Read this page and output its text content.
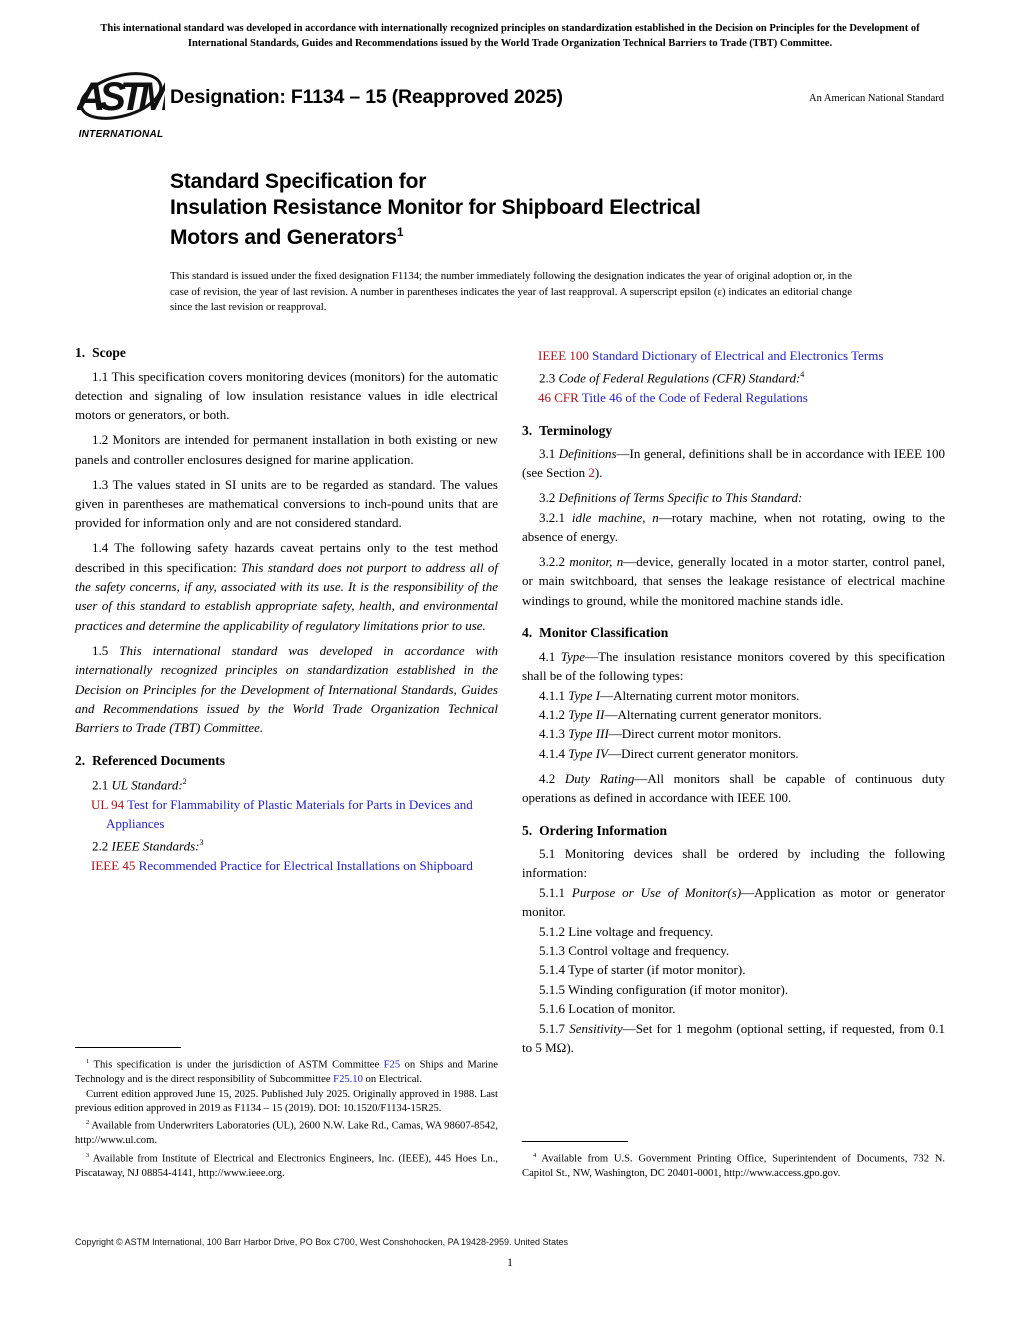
This international standard was developed in accordance with internationally recognized principles on standardization established in the Decision on Principles for the Development of International Standards, Guides and Recommendations issued by the World Trade Organization Technical Barriers to Trade (TBT) Committee.
ASTM
INTERNATIONAL
Designation: F1134 – 15 (Reapproved 2025)	An American National Standard
Standard Specification for
Insulation Resistance Monitor for Shipboard Electrical
Motors and Generators$^1$
This standard is issued under the fixed designation F1134; the number immediately following the designation indicates the year of original adoption or, in the case of revision, the year of last revision. A number in parentheses indicates the year of last reapproval. A superscript epsilon (ε) indicates an editorial change since the last revision or reapproval.

1. Scope

1.1 This specification covers monitoring devices (monitors) for the automatic detection and signaling of low insulation resistance values in idle electrical motors or generators, or both.

1.2 Monitors are intended for permanent installation in both existing or new panels and controller enclosures designed for marine application.

1.3 The values stated in SI units are to be regarded as standard. The values given in parentheses are mathematical conversions to inch-pound units that are provided for information only and are not considered standard.

1.4 The following safety hazards caveat pertains only to the test method described in this specification: This standard does not purport to address all of the safety concerns, if any, associated with its use. It is the responsibility of the user of this standard to establish appropriate safety, health, and environmental practices and determine the applicability of regulatory limitations prior to use.

1.5 This international standard was developed in accordance with internationally recognized principles on standardization established in the Decision on Principles for the Development of International Standards, Guides and Recommendations issued by the World Trade Organization Technical Barriers to Trade (TBT) Committee.

2. Referenced Documents

2.1 UL Standard:$^2$

UL 94 Test for Flammability of Plastic Materials for Parts in Devices and Appliances

2.2 IEEE Standards:$^3$

IEEE 45 Recommended Practice for Electrical Installations on Shipboard

$^1$ This specification is under the jurisdiction of ASTM Committee F25 on Ships and Marine Technology and is the direct responsibility of Subcommittee F25.10 on Electrical.

Current edition approved June 15, 2025. Published July 2025. Originally approved in 1988. Last previous edition approved in 2019 as F1134 – 15 (2019). DOI: 10.1520/F1134-15R25.

$^2$ Available from Underwriters Laboratories (UL), 2600 N.W. Lake Rd., Camas, WA 98607-8542, http://www.ul.com.

$^3$ Available from Institute of Electrical and Electronics Engineers, Inc. (IEEE), 445 Hoes Ln., Piscataway, NJ 08854-4141, http://www.ieee.org.

IEEE 100 Standard Dictionary of Electrical and Electronics Terms

2.3 Code of Federal Regulations (CFR) Standard:$^4$

46 CFR Title 46 of the Code of Federal Regulations

3. Terminology

3.1 Definitions—In general, definitions shall be in accordance with IEEE 100 (see Section 2).

3.2 Definitions of Terms Specific to This Standard:

3.2.1 idle machine, n—rotary machine, when not rotating, owing to the absence of energy.

3.2.2 monitor, n—device, generally located in a motor starter, control panel, or main switchboard, that senses the leakage resistance of electrical machine windings to ground, while the monitored machine stands idle.

4. Monitor Classification

4.1 Type—The insulation resistance monitors covered by this specification shall be of the following types:

4.1.1 Type I—Alternating current motor monitors.

4.1.2 Type II—Alternating current generator monitors.

4.1.3 Type III—Direct current motor monitors.

4.1.4 Type IV—Direct current generator monitors.

4.2 Duty Rating—All monitors shall be capable of continuous duty operations as defined in accordance with IEEE 100.

5. Ordering Information

5.1 Monitoring devices shall be ordered by including the following information:

5.1.1 Purpose or Use of Monitor(s)—Application as motor or generator monitor.

5.1.2 Line voltage and frequency.

5.1.3 Control voltage and frequency.

5.1.4 Type of starter (if motor monitor).

5.1.5 Winding configuration (if motor monitor).

5.1.6 Location of monitor.

5.1.7 Sensitivity—Set for 1 megohm (optional setting, if requested, from 0.1 to 5 MΩ).

$^4$ Available from U.S. Government Printing Office, Superintendent of Documents, 732 N. Capitol St., NW, Washington, DC 20401-0001, http://www.access.gpo.gov.

Copyright © ASTM International, 100 Barr Harbor Drive, PO Box C700, West Conshohocken, PA 19428-2959. United States
1
